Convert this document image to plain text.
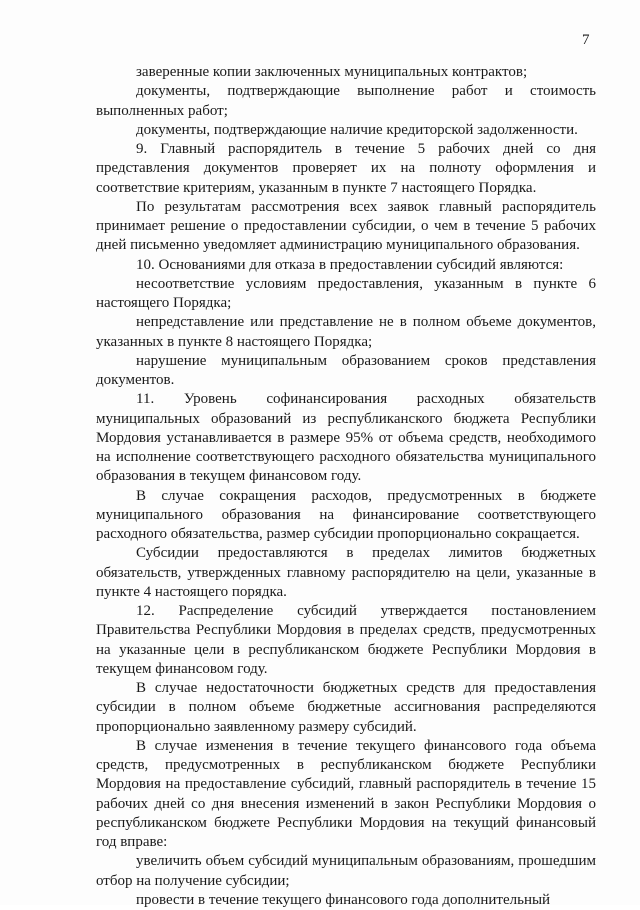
7

заверенные копии заключенных муниципальных контрактов;

документы, подтверждающие выполнение работ и стоимость выполненных работ;

документы, подтверждающие наличие кредиторской задолженности.

9. Главный распорядитель в течение 5 рабочих дней со дня представления документов проверяет их на полноту оформления и соответствие критериям, указанным в пункте 7 настоящего Порядка.

По результатам рассмотрения всех заявок главный распорядитель принимает решение о предоставлении субсидии, о чем в течение 5 рабочих дней письменно уведомляет администрацию муниципального образования.

10. Основаниями для отказа в предоставлении субсидий являются:

несоответствие условиям предоставления, указанным в пункте 6 настоящего Порядка;

непредставление или представление не в полном объеме документов, указанных в пункте 8 настоящего Порядка;

нарушение муниципальным образованием сроков представления документов.

11. Уровень софинансирования расходных обязательств муниципальных образований из республиканского бюджета Республики Мордовия устанавливается в размере 95% от объема средств, необходимого на исполнение соответствующего расходного обязательства муниципального образования в текущем финансовом году.

В случае сокращения расходов, предусмотренных в бюджете муниципального образования на финансирование соответствующего расходного обязательства, размер субсидии пропорционально сокращается.

Субсидии предоставляются в пределах лимитов бюджетных обязательств, утвержденных главному распорядителю на цели, указанные в пункте 4 настоящего порядка.

12. Распределение субсидий утверждается постановлением Правительства Республики Мордовия в пределах средств, предусмотренных на указанные цели в республиканском бюджете Республики Мордовия в текущем финансовом году.

В случае недостаточности бюджетных средств для предоставления субсидии в полном объеме бюджетные ассигнования распределяются пропорционально заявленному размеру субсидий.

В случае изменения в течение текущего финансового года объема средств, предусмотренных в республиканском бюджете Республики Мордовия на предоставление субсидий, главный распорядитель в течение 15 рабочих дней со дня внесения изменений в закон Республики Мордовия о республиканском бюджете Республики Мордовия на текущий финансовый год вправе:

увеличить объем субсидий муниципальным образованиям, прошедшим отбор на получение субсидии;

провести в течение текущего финансового года дополнительный
